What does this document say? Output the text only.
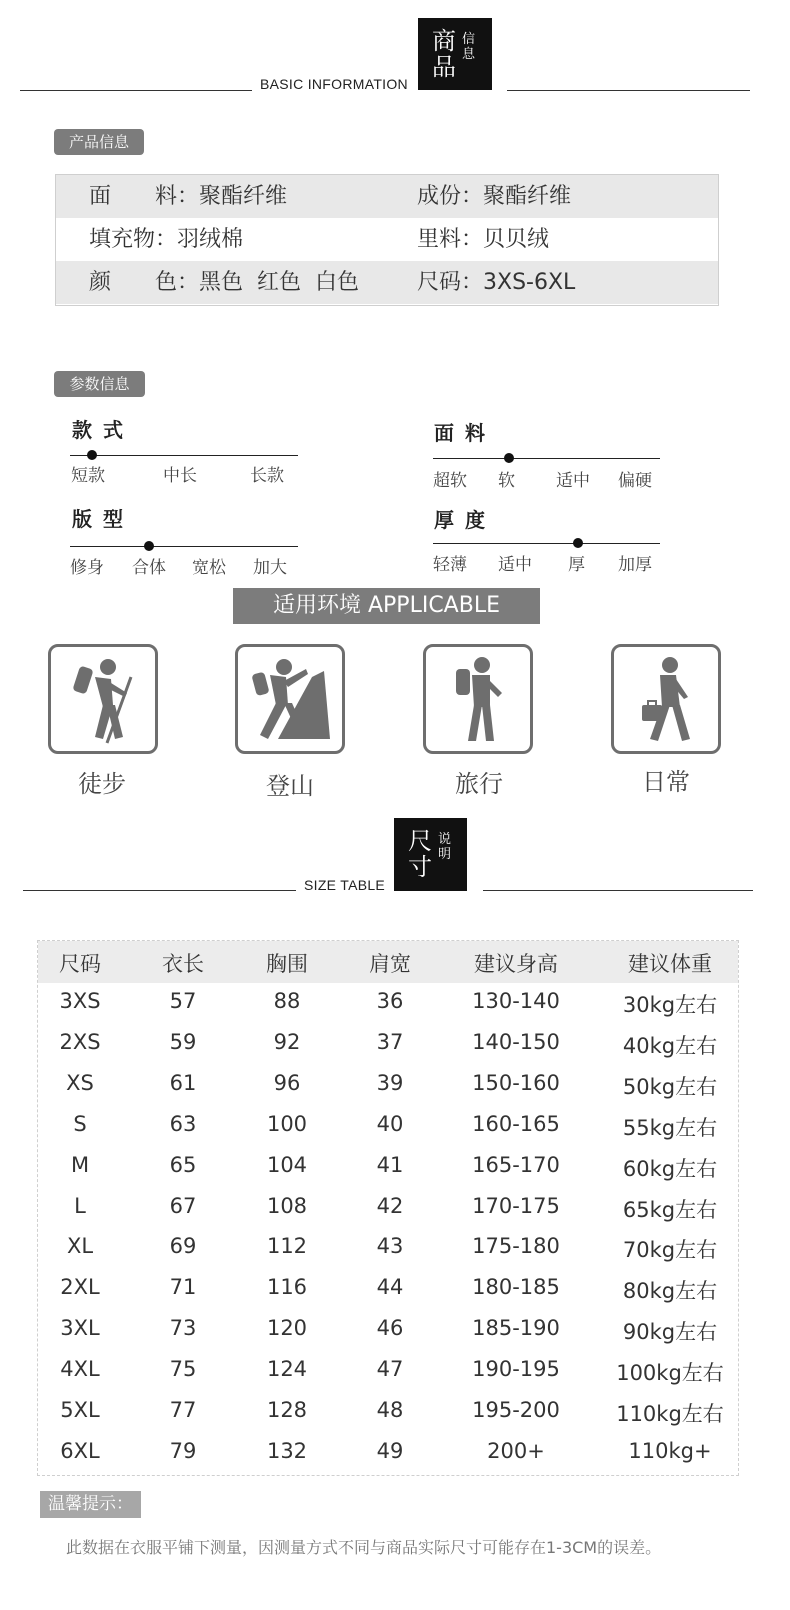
BASIC INFORMATION
商品
信息
产品信息
面　　料：聚酯纤维	成份：聚酯纤维
填充物：羽绒棉	里料：贝贝绒
颜　　色：黑色  红色  白色	尺码：3XS-6XL
参数信息
款 式
短款	中长	长款
面 料
超软 软 适中 偏硬
版 型
修身 合体 宽松 加大
厚 度
轻薄 适中 厚 加厚
适用环境 APPLICABLE
徒步	登山	旅行	日常
SIZE TABLE
尺寸
说明
尺码	衣长	胸围	肩宽	建议身高	建议体重
3XS	57	88	36	130-140	30kg左右
2XS	59	92	37	140-150	40kg左右
XS	61	96	39	150-160	50kg左右
S	63	100	40	160-165	55kg左右
M	65	104	41	165-170	60kg左右
L	67	108	42	170-175	65kg左右
XL	69	112	43	175-180	70kg左右
2XL	71	116	44	180-185	80kg左右
3XL	73	120	46	185-190	90kg左右
4XL	75	124	47	190-195	100kg左右
5XL	77	128	48	195-200	110kg左右
6XL	79	132	49	200+	110kg+
温馨提示：
此数据在衣服平铺下测量，因测量方式不同与商品实际尺寸可能存在1-3CM的误差。
